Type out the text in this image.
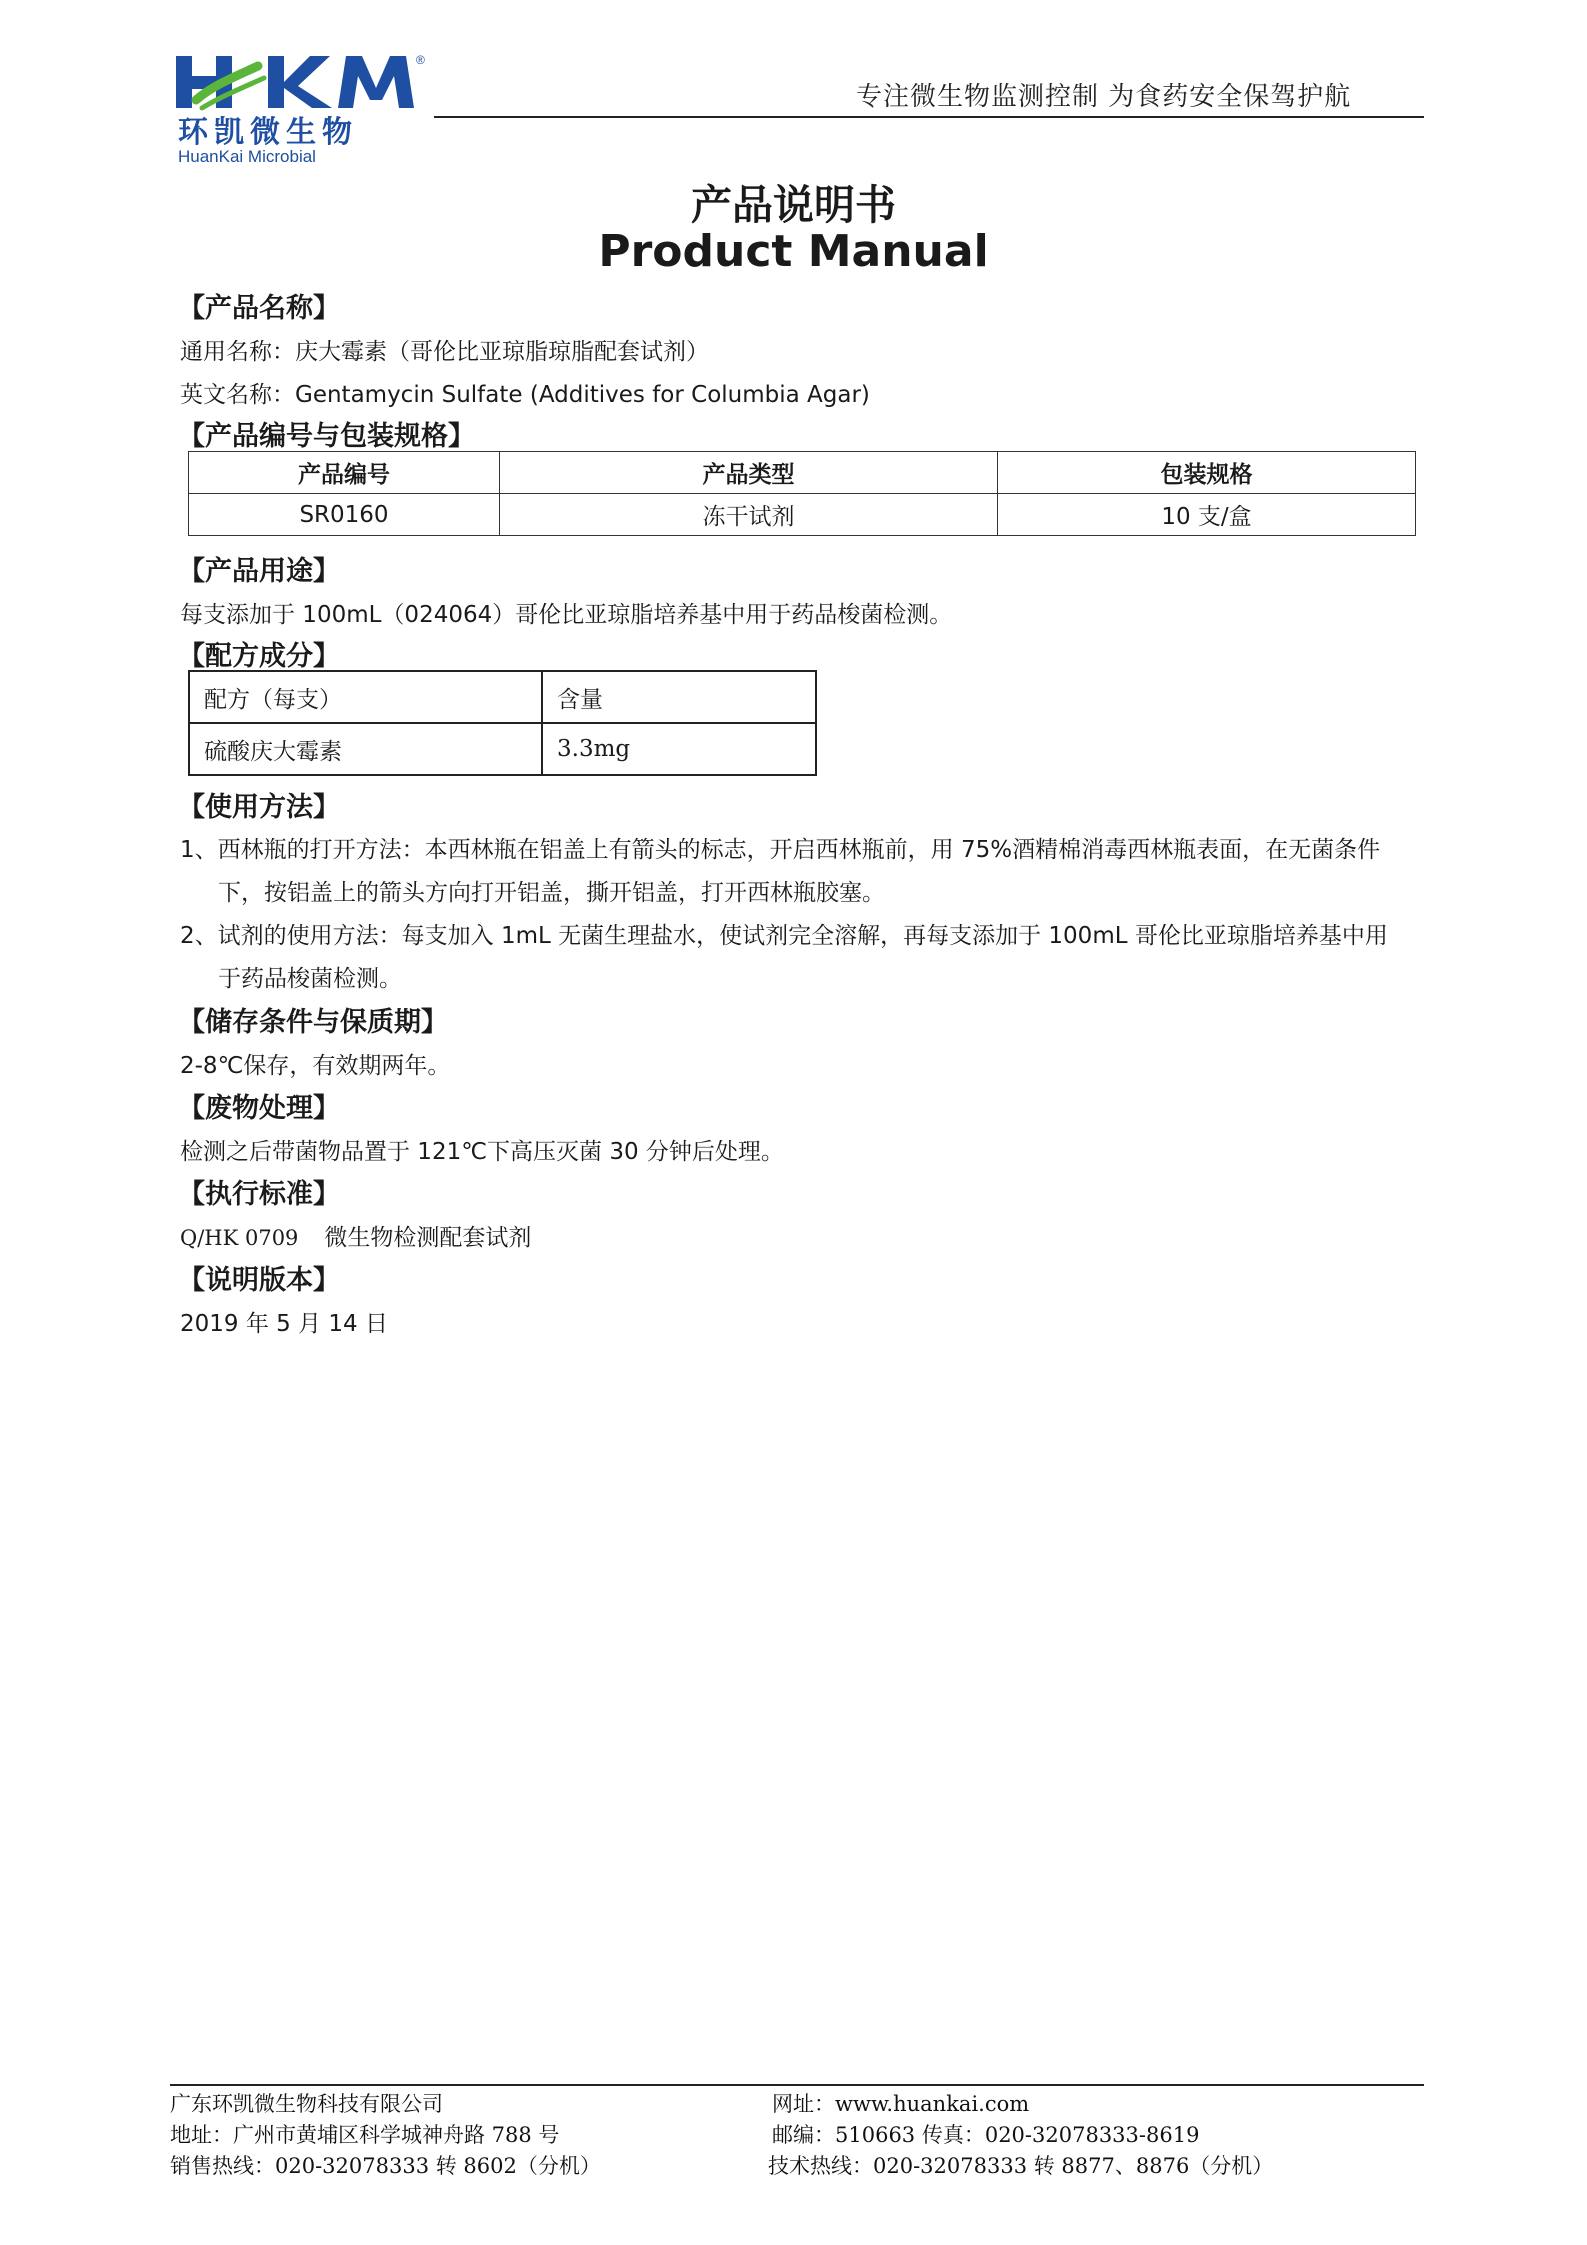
®
环凯微生物
HuanKai Microbial
专注微生物监测控制 为食药安全保驾护航
产品说明书
Product Manual
【产品名称】
通用名称：庆大霉素（哥伦比亚琼脂琼脂配套试剂）
英文名称：Gentamycin Sulfate (Additives for Columbia Agar)
【产品编号与包装规格】
产品编号	产品类型	包装规格
SR0160	冻干试剂	10 支/盒
【产品用途】
每支添加于 100mL（024064）哥伦比亚琼脂培养基中用于药品梭菌检测。
【配方成分】
配方（每支）	含量
硫酸庆大霉素	3.3mg
【使用方法】
1、西林瓶的打开方法：本西林瓶在铝盖上有箭头的标志，开启西林瓶前，用 75%酒精棉消毒西林瓶表面，在无菌条件
下，按铝盖上的箭头方向打开铝盖，撕开铝盖，打开西林瓶胶塞。
2、试剂的使用方法：每支加入 1mL 无菌生理盐水，使试剂完全溶解，再每支添加于 100mL 哥伦比亚琼脂培养基中用
于药品梭菌检测。
【储存条件与保质期】
2-8℃保存，有效期两年。
【废物处理】
检测之后带菌物品置于 121℃下高压灭菌 30 分钟后处理。
【执行标准】
Q/HK 0709 微生物检测配套试剂
【说明版本】
2019 年 5 月 14 日
广东环凯微生物科技有限公司
地址：广州市黄埔区科学城神舟路 788 号
销售热线：020-32078333 转 8602（分机）
网址：www.huankai.com
邮编：510663 传真：020-32078333-8619
技术热线：020-32078333 转 8877、8876（分机）
